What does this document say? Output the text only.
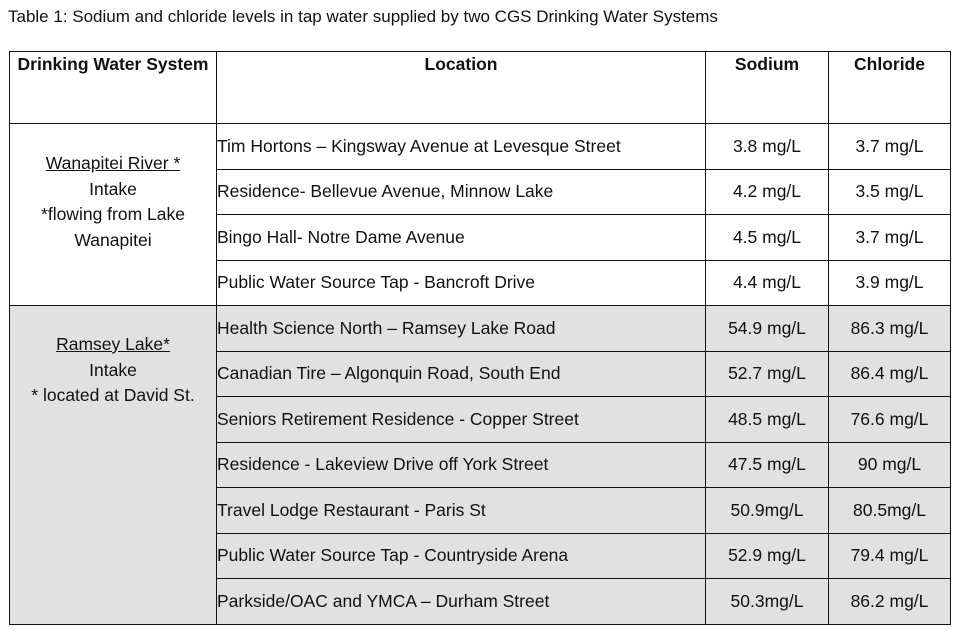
Table 1: Sodium and chloride levels in tap water supplied by two CGS Drinking Water Systems
Drinking Water System	Location	Sodium	Chloride
Wanapitei River *
Intake
*flowing from Lake Wanapitei	Tim Hortons – Kingsway Avenue at Levesque Street	3.8 mg/L	3.7 mg/L
	Residence- Bellevue Avenue, Minnow Lake	4.2 mg/L	3.5 mg/L
	Bingo Hall- Notre Dame Avenue	4.5 mg/L	3.7 mg/L
	Public Water Source Tap - Bancroft Drive	4.4 mg/L	3.9 mg/L
Ramsey Lake*
Intake
* located at David St.	Health Science North – Ramsey Lake Road	54.9 mg/L	86.3 mg/L
	Canadian Tire – Algonquin Road, South End	52.7 mg/L	86.4 mg/L
	Seniors Retirement Residence - Copper Street	48.5 mg/L	76.6 mg/L
	Residence - Lakeview Drive off York Street	47.5 mg/L	90 mg/L
	Travel Lodge Restaurant - Paris St	50.9mg/L	80.5mg/L
	Public Water Source Tap - Countryside Arena	52.9 mg/L	79.4 mg/L
	Parkside/OAC and YMCA – Durham Street	50.3mg/L	86.2 mg/L
